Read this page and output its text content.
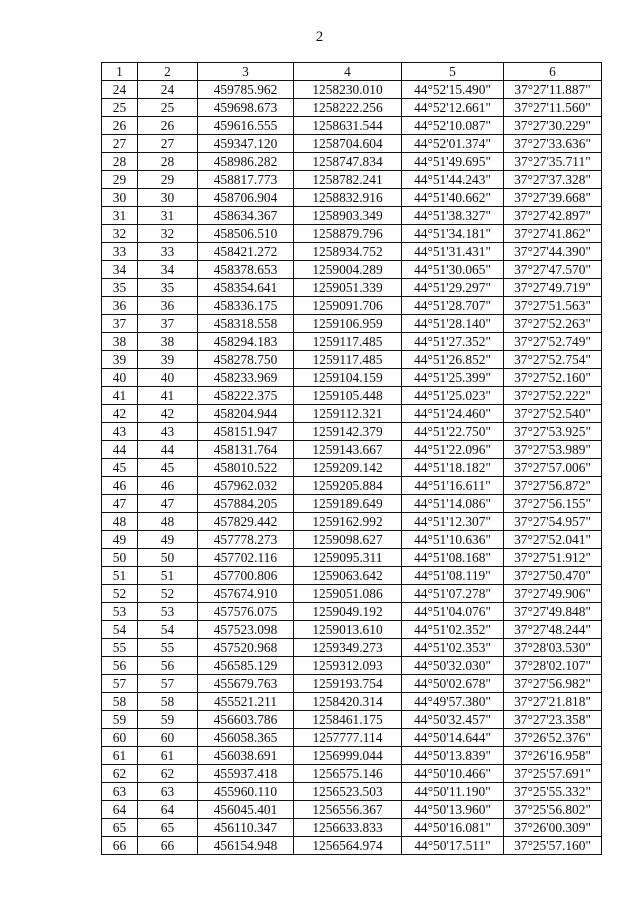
2
1	2	3	4	5	6
24	24	459785.962	1258230.010	44°52'15.490"	37°27'11.887"
25	25	459698.673	1258222.256	44°52'12.661"	37°27'11.560"
26	26	459616.555	1258631.544	44°52'10.087"	37°27'30.229"
27	27	459347.120	1258704.604	44°52'01.374"	37°27'33.636"
28	28	458986.282	1258747.834	44°51'49.695"	37°27'35.711"
29	29	458817.773	1258782.241	44°51'44.243"	37°27'37.328"
30	30	458706.904	1258832.916	44°51'40.662"	37°27'39.668"
31	31	458634.367	1258903.349	44°51'38.327"	37°27'42.897"
32	32	458506.510	1258879.796	44°51'34.181"	37°27'41.862"
33	33	458421.272	1258934.752	44°51'31.431"	37°27'44.390"
34	34	458378.653	1259004.289	44°51'30.065"	37°27'47.570"
35	35	458354.641	1259051.339	44°51'29.297"	37°27'49.719"
36	36	458336.175	1259091.706	44°51'28.707"	37°27'51.563"
37	37	458318.558	1259106.959	44°51'28.140"	37°27'52.263"
38	38	458294.183	1259117.485	44°51'27.352"	37°27'52.749"
39	39	458278.750	1259117.485	44°51'26.852"	37°27'52.754"
40	40	458233.969	1259104.159	44°51'25.399"	37°27'52.160"
41	41	458222.375	1259105.448	44°51'25.023"	37°27'52.222"
42	42	458204.944	1259112.321	44°51'24.460"	37°27'52.540"
43	43	458151.947	1259142.379	44°51'22.750"	37°27'53.925"
44	44	458131.764	1259143.667	44°51'22.096"	37°27'53.989"
45	45	458010.522	1259209.142	44°51'18.182"	37°27'57.006"
46	46	457962.032	1259205.884	44°51'16.611"	37°27'56.872"
47	47	457884.205	1259189.649	44°51'14.086"	37°27'56.155"
48	48	457829.442	1259162.992	44°51'12.307"	37°27'54.957"
49	49	457778.273	1259098.627	44°51'10.636"	37°27'52.041"
50	50	457702.116	1259095.311	44°51'08.168"	37°27'51.912"
51	51	457700.806	1259063.642	44°51'08.119"	37°27'50.470"
52	52	457674.910	1259051.086	44°51'07.278"	37°27'49.906"
53	53	457576.075	1259049.192	44°51'04.076"	37°27'49.848"
54	54	457523.098	1259013.610	44°51'02.352"	37°27'48.244"
55	55	457520.968	1259349.273	44°51'02.353"	37°28'03.530"
56	56	456585.129	1259312.093	44°50'32.030"	37°28'02.107"
57	57	455679.763	1259193.754	44°50'02.678"	37°27'56.982"
58	58	455521.211	1258420.314	44°49'57.380"	37°27'21.818"
59	59	456603.786	1258461.175	44°50'32.457"	37°27'23.358"
60	60	456058.365	1257777.114	44°50'14.644"	37°26'52.376"
61	61	456038.691	1256999.044	44°50'13.839"	37°26'16.958"
62	62	455937.418	1256575.146	44°50'10.466"	37°25'57.691"
63	63	455960.110	1256523.503	44°50'11.190"	37°25'55.332"
64	64	456045.401	1256556.367	44°50'13.960"	37°25'56.802"
65	65	456110.347	1256633.833	44°50'16.081"	37°26'00.309"
66	66	456154.948	1256564.974	44°50'17.511"	37°25'57.160"
